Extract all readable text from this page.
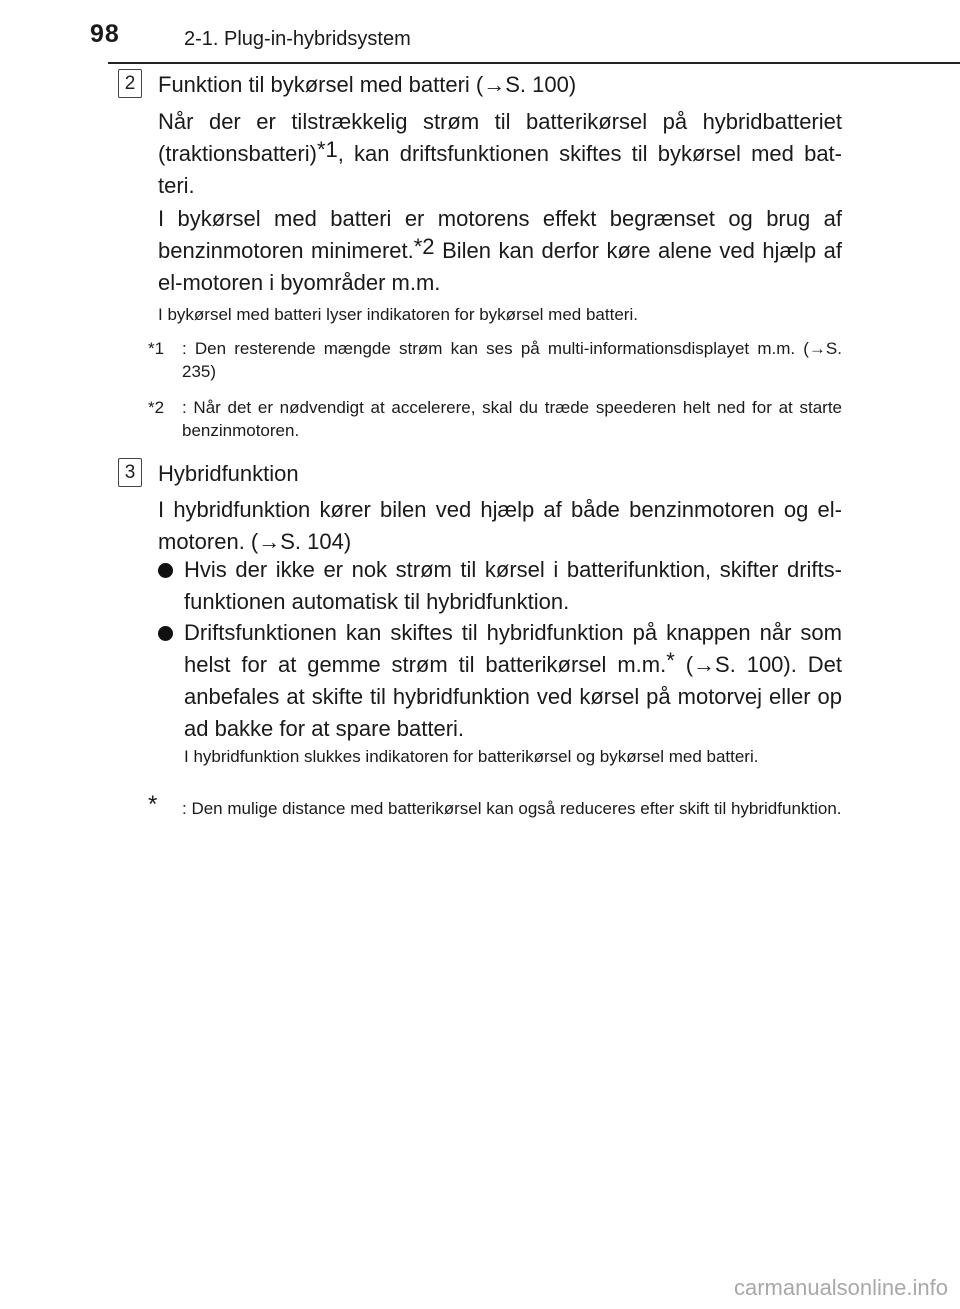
98	2-1. Plug-in-hybridsystem
2	Funktion til bykørsel med batteri (→S. 100)
Når der er tilstrækkelig strøm til batterikørsel på hybridbatteriet (traktionsbatteri)*1, kan driftsfunktionen skiftes til bykørsel med bat-teri.
I bykørsel med batteri er motorens effekt begrænset og brug af benzinmotoren minimeret.*2 Bilen kan derfor køre alene ved hjælp af el-motoren i byområder m.m.
I bykørsel med batteri lyser indikatoren for bykørsel med batteri.
*1 : Den resterende mængde strøm kan ses på multi-informationsdisplayet m.m. (→S. 235)
*2 : Når det er nødvendigt at accelerere, skal du træde speederen helt ned for at starte benzinmotoren.
3	Hybridfunktion
I hybridfunktion kører bilen ved hjælp af både benzinmotoren og el-motoren. (→S. 104)
Hvis der ikke er nok strøm til kørsel i batterifunktion, skifter drifts-funktionen automatisk til hybridfunktion.
Driftsfunktionen kan skiftes til hybridfunktion på knappen når som helst for at gemme strøm til batterikørsel m.m.* (→S. 100). Det anbefales at skifte til hybridfunktion ved kørsel på motorvej eller op ad bakke for at spare batteri.
I hybridfunktion slukkes indikatoren for batterikørsel og bykørsel med batteri.
* : Den mulige distance med batterikørsel kan også reduceres efter skift til hybridfunktion.
carmanualsonline.info
